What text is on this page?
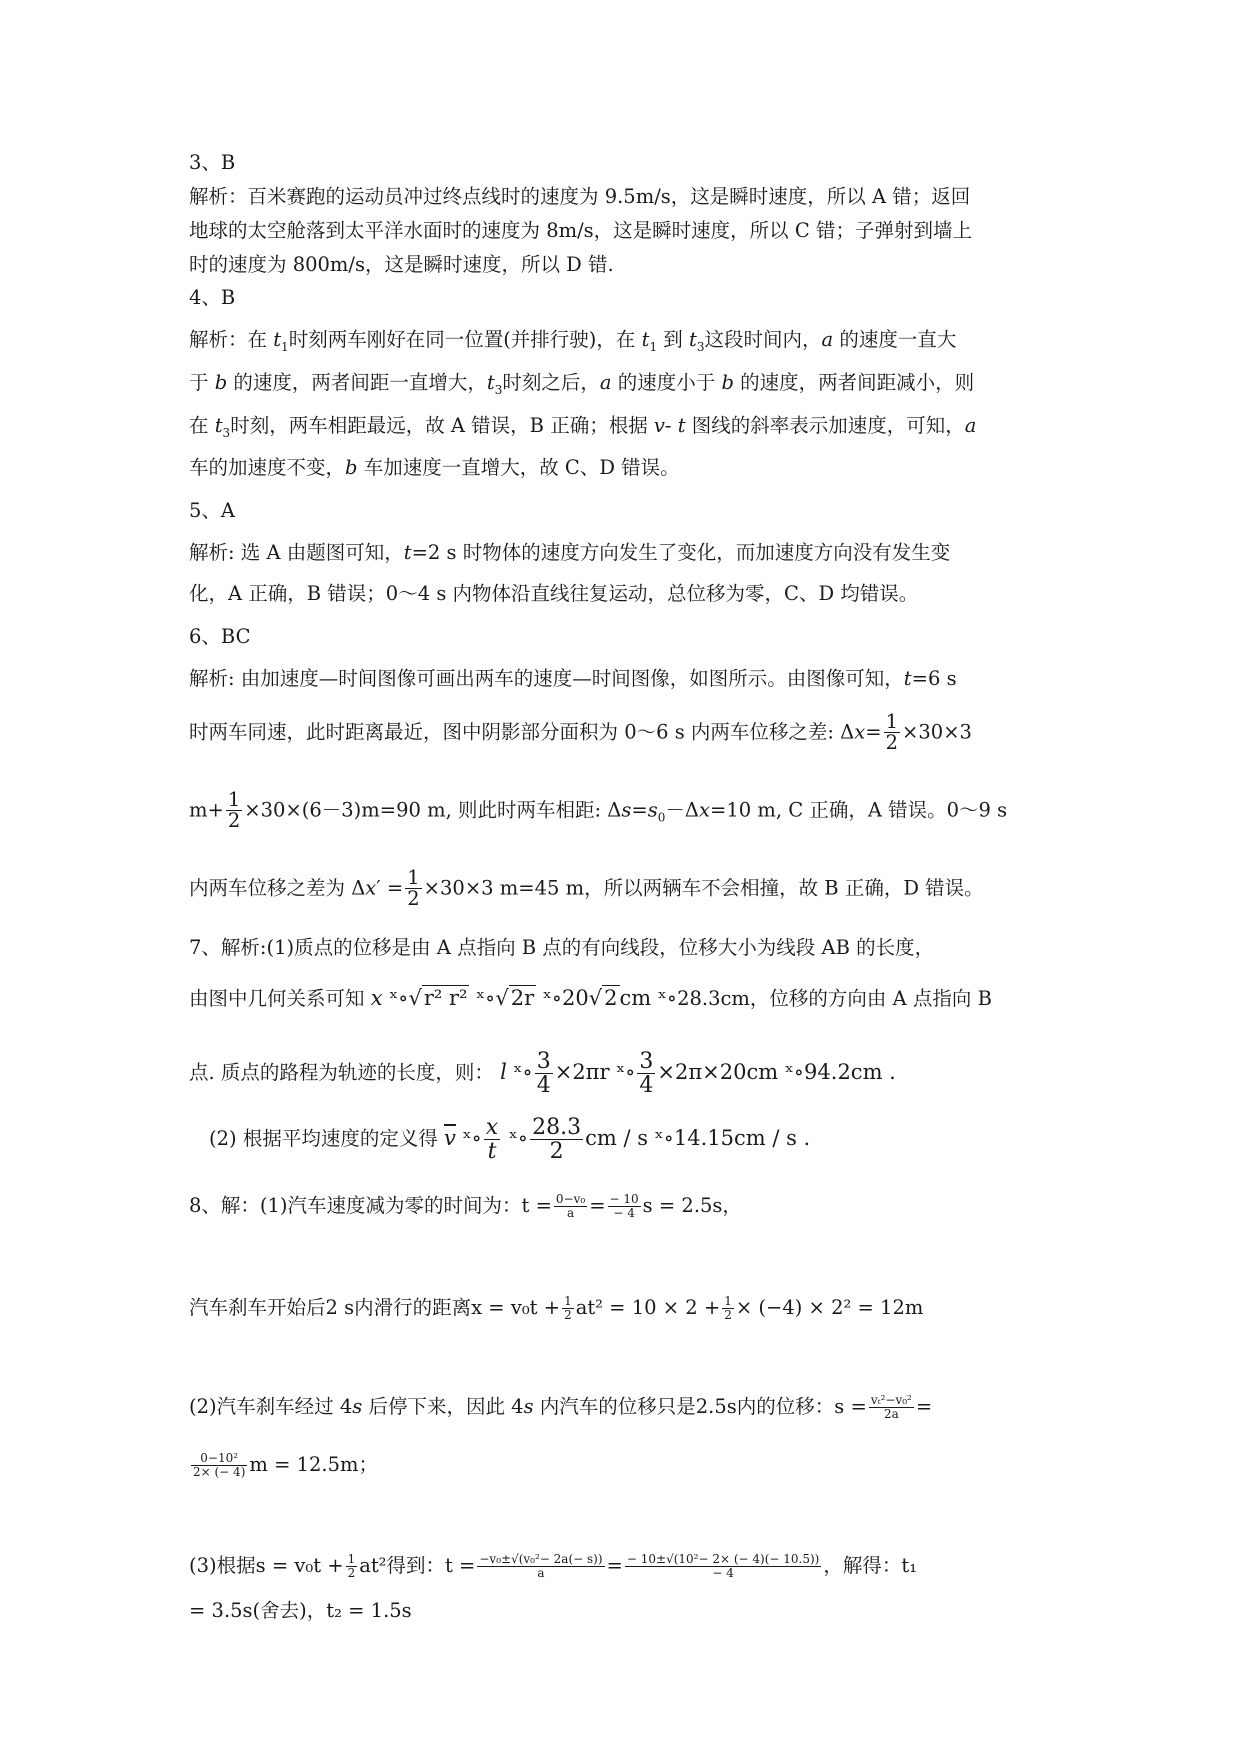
3、B
解析：百米赛跑的运动员冲过终点线时的速度为 9.5m/s，这是瞬时速度，所以 A 错；返回
地球的太空舱落到太平洋水面时的速度为 8m/s，这是瞬时速度，所以 C 错；子弹射到墙上
时的速度为 800m/s，这是瞬时速度，所以 D 错.
4、B
解析：在 $t_1$时刻两车刚好在同一位置(并排行驶)，在 $t_1$ 到 $t_3$这段时间内，a 的速度一直大
于 b 的速度，两者间距一直增大，$t_3$时刻之后，a 的速度小于 b 的速度，两者间距减小，则
在 $t_3$时刻，两车相距最远，故 A 错误，B 正确；根据 v- t 图线的斜率表示加速度，可知，a
车的加速度不变，b 车加速度一直增大，故 C、D 错误。
5、A
解析: 选 A 由题图可知，t=2 s 时物体的速度方向发生了变化，而加速度方向没有发生变
化，A 正确，B 错误；0～4 s 内物体沿直线往复运动，总位移为零，C、D 均错误。
6、BC
解析: 由加速度—时间图像可画出两车的速度—时间图像，如图所示。由图像可知，t=6 s
时两车同速，此时距离最近，图中阴影部分面积为 0～6 s 内两车位移之差: $\Delta x= \frac{1}{2} \times 30\times 3$
$m+ \frac{1}{2} \times 30\times(6-3)m=90$ m, 则此时两车相距: $\Delta s=s_0-\Delta x=10$ m, C 正确，A 错误。0～9 s
内两车位移之差为 $\Delta x' = \frac{1}{2} \times 30\times 3$ m=45 m，所以两辆车不会相撞，故 B 正确，D 错误。
7、解析:(1)质点的位移是由 A 点指向 B 点的有向线段，位移大小为线段 AB 的长度，
由图中几何关系可知 x ˣ∘√r² r² ˣ∘√2r ˣ∘20√2cm ˣ∘28.3cm，位移的方向由 A 点指向 B
点. 质点的路程为轨迹的长度，则： l ˣ∘ $\frac{3}{4} \times 2\pi r$ ˣ∘ $\frac{3}{4} \times 2\pi\times 20cm$ ˣ∘94.2cm .
(2) 根据平均速度的定义得 $\overline{v}$ ˣ∘ $\frac{x}{t}$ ˣ∘ $\frac{28.3}{2}$ cm / s ˣ∘14.15cm / s .
8、解：(1)汽车速度减为零的时间为：$t = \frac{\text{0−v₀}}{a} = \frac{- 10}{- 4}$ s = 2.5s，
汽车刹车开始后2 s内滑行的距离$x = v_0t + \frac{1}{2} at^2 = 10 \times 2 + \frac{1}{2} \times (-4) \times 2^2 = 12m$
(2)汽车刹车经过 4s 后停下来，因此 4s 内汽车的位移只是2.5s内的位移：$s = \frac{\text{vₜ²−v₀²}}{2a}$ =
$\frac{\text{0−10²}}{2\times (- 4)}$ m = 12.5m；
(3)根据$s = v_0t + \frac{1}{2} at^2$得到：$t = \frac{\text{−v₀±√(v₀²− 2a(− s))}}{a} = \frac{\text{− 10±√(10²− 2× (− 4)(− 10.5))}}{- 4}$ ，解得：t₁
= 3.5s(舍去)，t₂ = 1.5s
